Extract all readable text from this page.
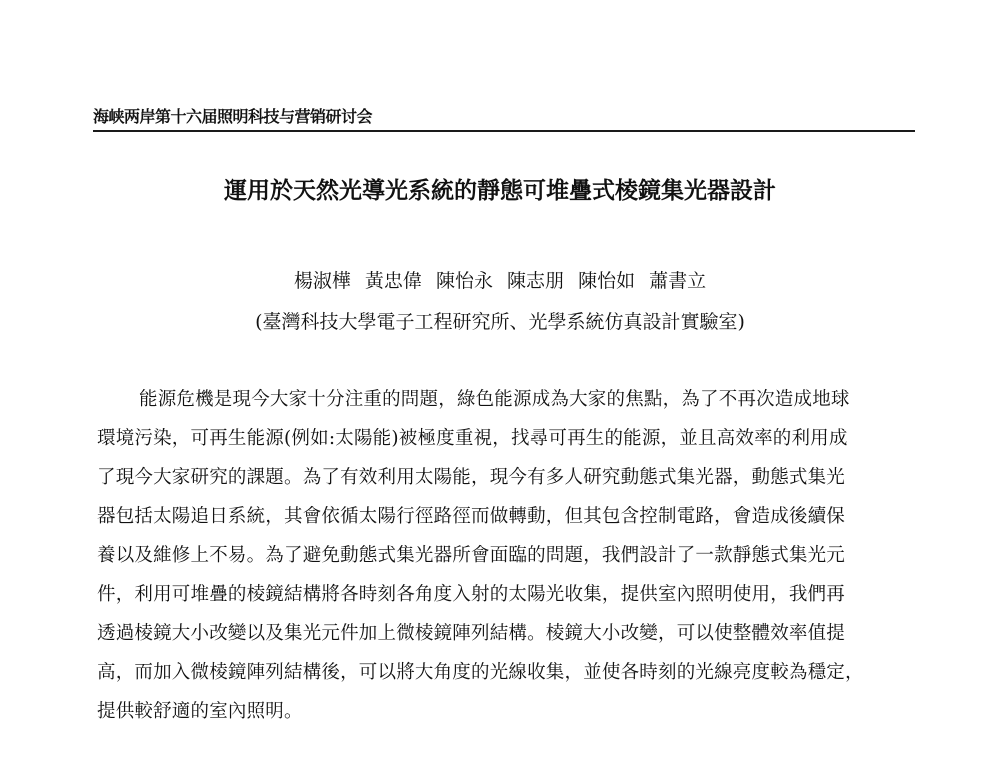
海峡两岸第十六届照明科技与营销研讨会
運用於天然光導光系統的靜態可堆疊式棱鏡集光器設計
楊淑樺 黃忠偉 陳怡永 陳志朋 陳怡如 蕭書立
(臺灣科技大學電子工程研究所、光學系統仿真設計實驗室)
能源危機是現今大家十分注重的問題，綠色能源成為大家的焦點，為了不再次造成地球
環境污染，可再生能源(例如:太陽能)被極度重視，找尋可再生的能源，並且高效率的利用成
了現今大家研究的課題。為了有效利用太陽能，現今有多人研究動態式集光器，動態式集光
器包括太陽追日系統，其會依循太陽行徑路徑而做轉動，但其包含控制電路，會造成後續保
養以及維修上不易。為了避免動態式集光器所會面臨的問題，我們設計了一款靜態式集光元
件，利用可堆疊的棱鏡結構將各時刻各角度入射的太陽光收集，提供室內照明使用，我們再
透過棱鏡大小改變以及集光元件加上微棱鏡陣列結構。棱鏡大小改變，可以使整體效率值提
高，而加入微棱鏡陣列結構後，可以將大角度的光線收集，並使各時刻的光線亮度較為穩定，
提供較舒適的室內照明。
